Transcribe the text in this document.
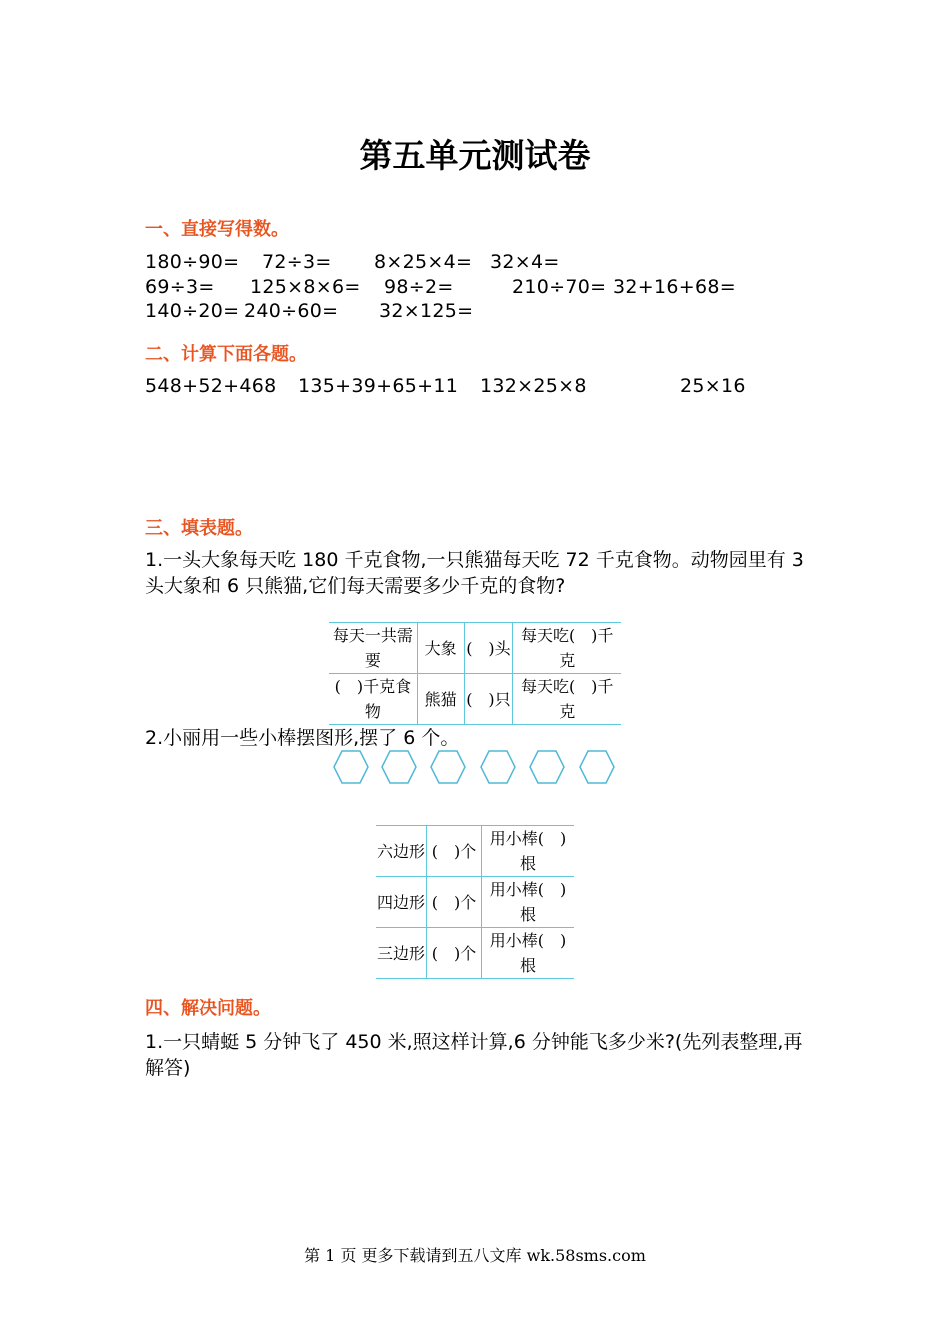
第五单元测试卷
一、直接写得数。
180÷90= 72÷3= 8×25×4= 32×4=
69÷3= 125×8×6= 98÷2=	210÷70= 32+16+68=
140÷20= 240÷60= 32×125=
二、计算下面各题。
548+52+468 135+39+65+11 132×25×8	25×16
三、填表题。
1.一头大象每天吃 180 千克食物,一只熊猫每天吃 72 千克食物。动物园里有 3 头大象和 6 只熊猫,它们每天需要多少千克的食物?
每天一共需要	大象	(　)头	每天吃(　)千克
(　)千克食物	熊猫	(　)只	每天吃(　)千克
2.小丽用一些小棒摆图形,摆了 6 个。
六边形	(　)个	用小棒(　)根
四边形	(　)个	用小棒(　)根
三边形	(　)个	用小棒(　)根
四、解决问题。
1.一只蜻蜓 5 分钟飞了 450 米,照这样计算,6 分钟能飞多少米?(先列表整理,再解答)
第 1 页 更多下载请到五八文库 wk.58sms.com
